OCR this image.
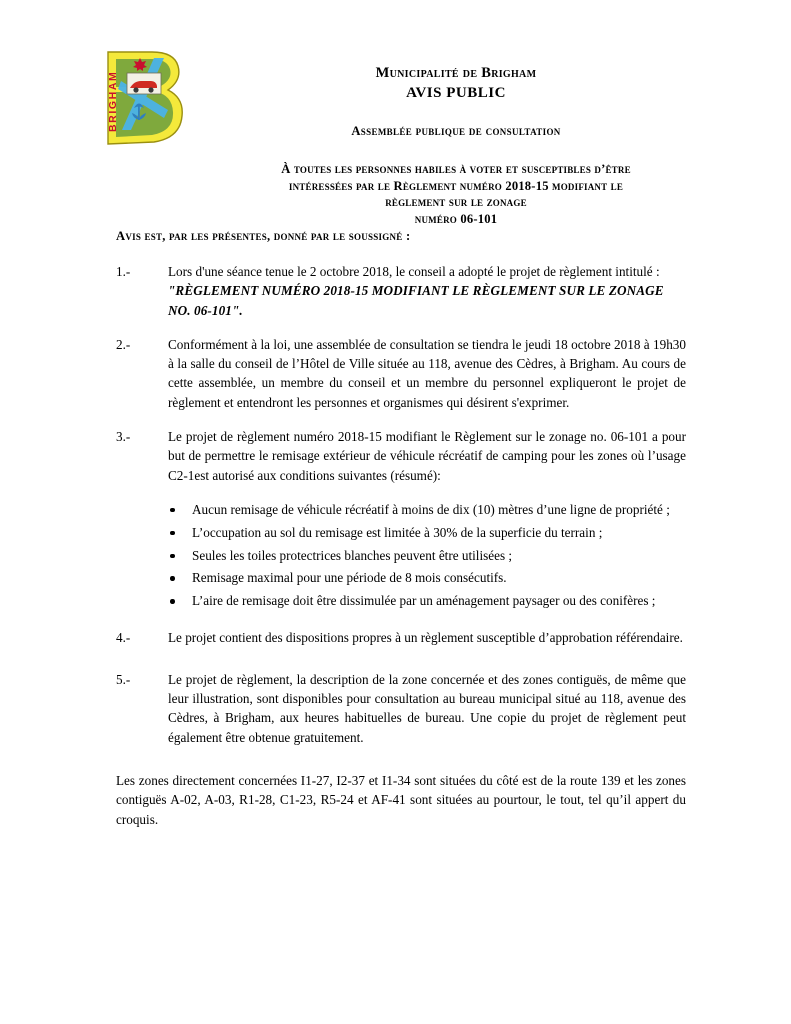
BRIGHAM	Municipalité de Brigham
AVIS PUBLIC
Assemblée publique de consultation
À toutes les personnes habiles à voter et susceptibles d’être
intéressées par le Règlement numéro 2018-15 modifiant le
règlement sur le zonage
numéro 06-101
Avis est, par les présentes, donné par le soussigné :
1.-	Lors d'une séance tenue le 2 octobre 2018, le conseil a adopté le projet de règlement intitulé :

"RÈGLEMENT NUMÉRO 2018-15 MODIFIANT LE RÈGLEMENT SUR LE ZONAGE NO. 06-101".
2.-	Conformément à la loi, une assemblée de consultation se tiendra le jeudi 18 octobre 2018 à 19h30 à la salle du conseil de l’Hôtel de Ville située au 118, avenue des Cèdres, à Brigham. Au cours de cette assemblée, un membre du conseil et un membre du personnel expliqueront le projet de règlement et entendront les personnes et organismes qui désirent s'exprimer.

3.-	Le projet de règlement numéro 2018-15 modifiant le Règlement sur le zonage no. 06-101 a pour but de permettre le remisage extérieur de véhicule récréatif de camping pour les zones où l’usage C2-1est autorisé aux conditions suivantes (résumé):

Aucun remisage de véhicule récréatif à moins de dix (10) mètres d’une ligne de propriété ;
L’occupation au sol du remisage est limitée à 30% de la superficie du terrain ;
Seules les toiles protectrices blanches peuvent être utilisées ;
Remisage maximal pour une période de 8 mois consécutifs.
L’aire de remisage doit être dissimulée par un aménagement paysager ou des conifères ;
4.-	Le projet contient des dispositions propres à un règlement susceptible d’approbation référendaire.

5.-	Le projet de règlement, la description de la zone concernée et des zones contiguës, de même que leur illustration, sont disponibles pour consultation au bureau municipal situé au 118, avenue des Cèdres, à Brigham, aux heures habituelles de bureau. Une copie du projet de règlement peut également être obtenue gratuitement.

Les zones directement concernées I1-27, I2-37 et I1-34 sont situées du côté est de la route 139 et les zones contiguës A-02, A-03, R1-28, C1-23, R5-24 et AF-41 sont situées au pourtour, le tout, tel qu’il appert du croquis.
